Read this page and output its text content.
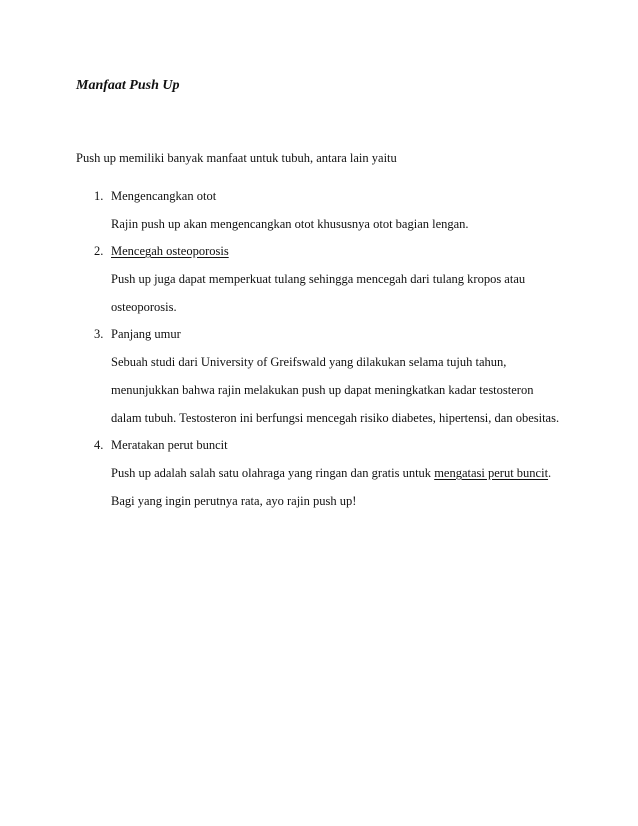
Manfaat Push Up

Push up memiliki banyak manfaat untuk tubuh, antara lain yaitu

1. Mengencangkan otot

Rajin push up akan mengencangkan otot khususnya otot bagian lengan.

2. Mencegah osteoporosis

Push up juga dapat memperkuat tulang sehingga mencegah dari tulang kropos atau

osteoporosis.

3. Panjang umur

Sebuah studi dari University of Greifswald yang dilakukan selama tujuh tahun,

menunjukkan bahwa rajin melakukan push up dapat meningkatkan kadar testosteron

dalam tubuh. Testosteron ini berfungsi mencegah risiko diabetes, hipertensi, dan obesitas.

4. Meratakan perut buncit

Push up adalah salah satu olahraga yang ringan dan gratis untuk mengatasi perut buncit.

Bagi yang ingin perutnya rata, ayo rajin push up!
